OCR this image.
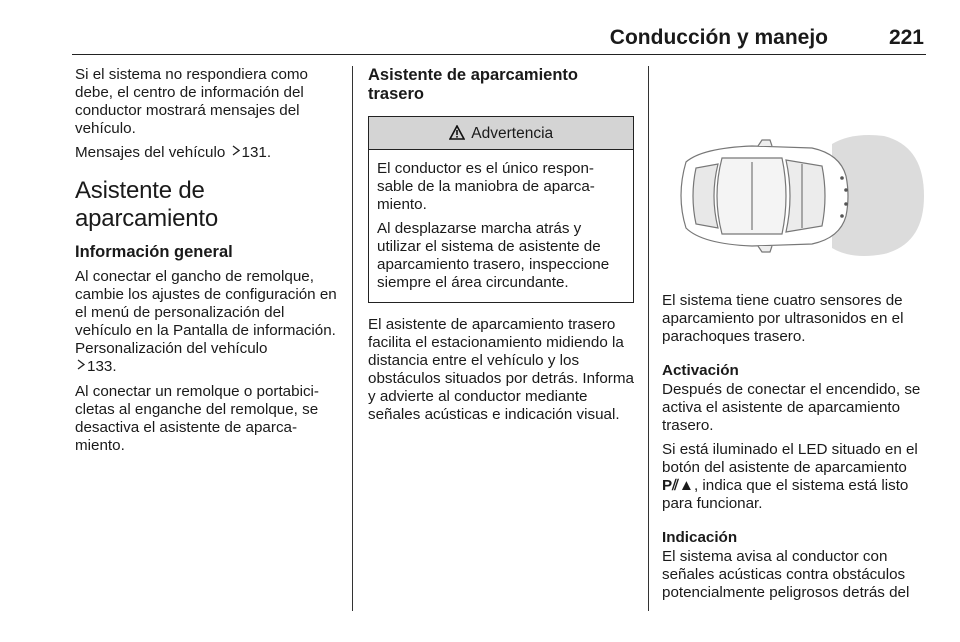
Conducción y manejo	221

Si el sistema no respondiera como debe, el centro de información del conductor mostrará mensajes del vehículo.

Mensajes del vehículo 131.

Asistente de aparcamiento
Información general

Al conectar el gancho de remolque, cambie los ajustes de configuración en el menú de personalización del vehículo en la Pantalla de información. Personalización del vehículo
133.

Al conectar un remolque o portabicicletas al enganche del remolque, se desactiva el asistente de aparcamiento.

Asistente de aparcamiento trasero
Advertencia

El conductor es el único responsable de la maniobra de aparcamiento.

Al desplazarse marcha atrás y utilizar el sistema de asistente de aparcamiento trasero, inspeccione siempre el área circundante.

El asistente de aparcamiento trasero facilita el estacionamiento midiendo la distancia entre el vehículo y los obstáculos situados por detrás. Informa y advierte al conductor mediante señales acústicas e indicación visual.

El sistema tiene cuatro sensores de aparcamiento por ultrasonidos en el parachoques trasero.

Activación

Después de conectar el encendido, se activa el asistente de aparcamiento trasero.

Si está iluminado el LED situado en el botón del asistente de aparcamiento P⫽▲, indica que el sistema está listo para funcionar.

Indicación

El sistema avisa al conductor con señales acústicas contra obstáculos potencialmente peligrosos detrás del
